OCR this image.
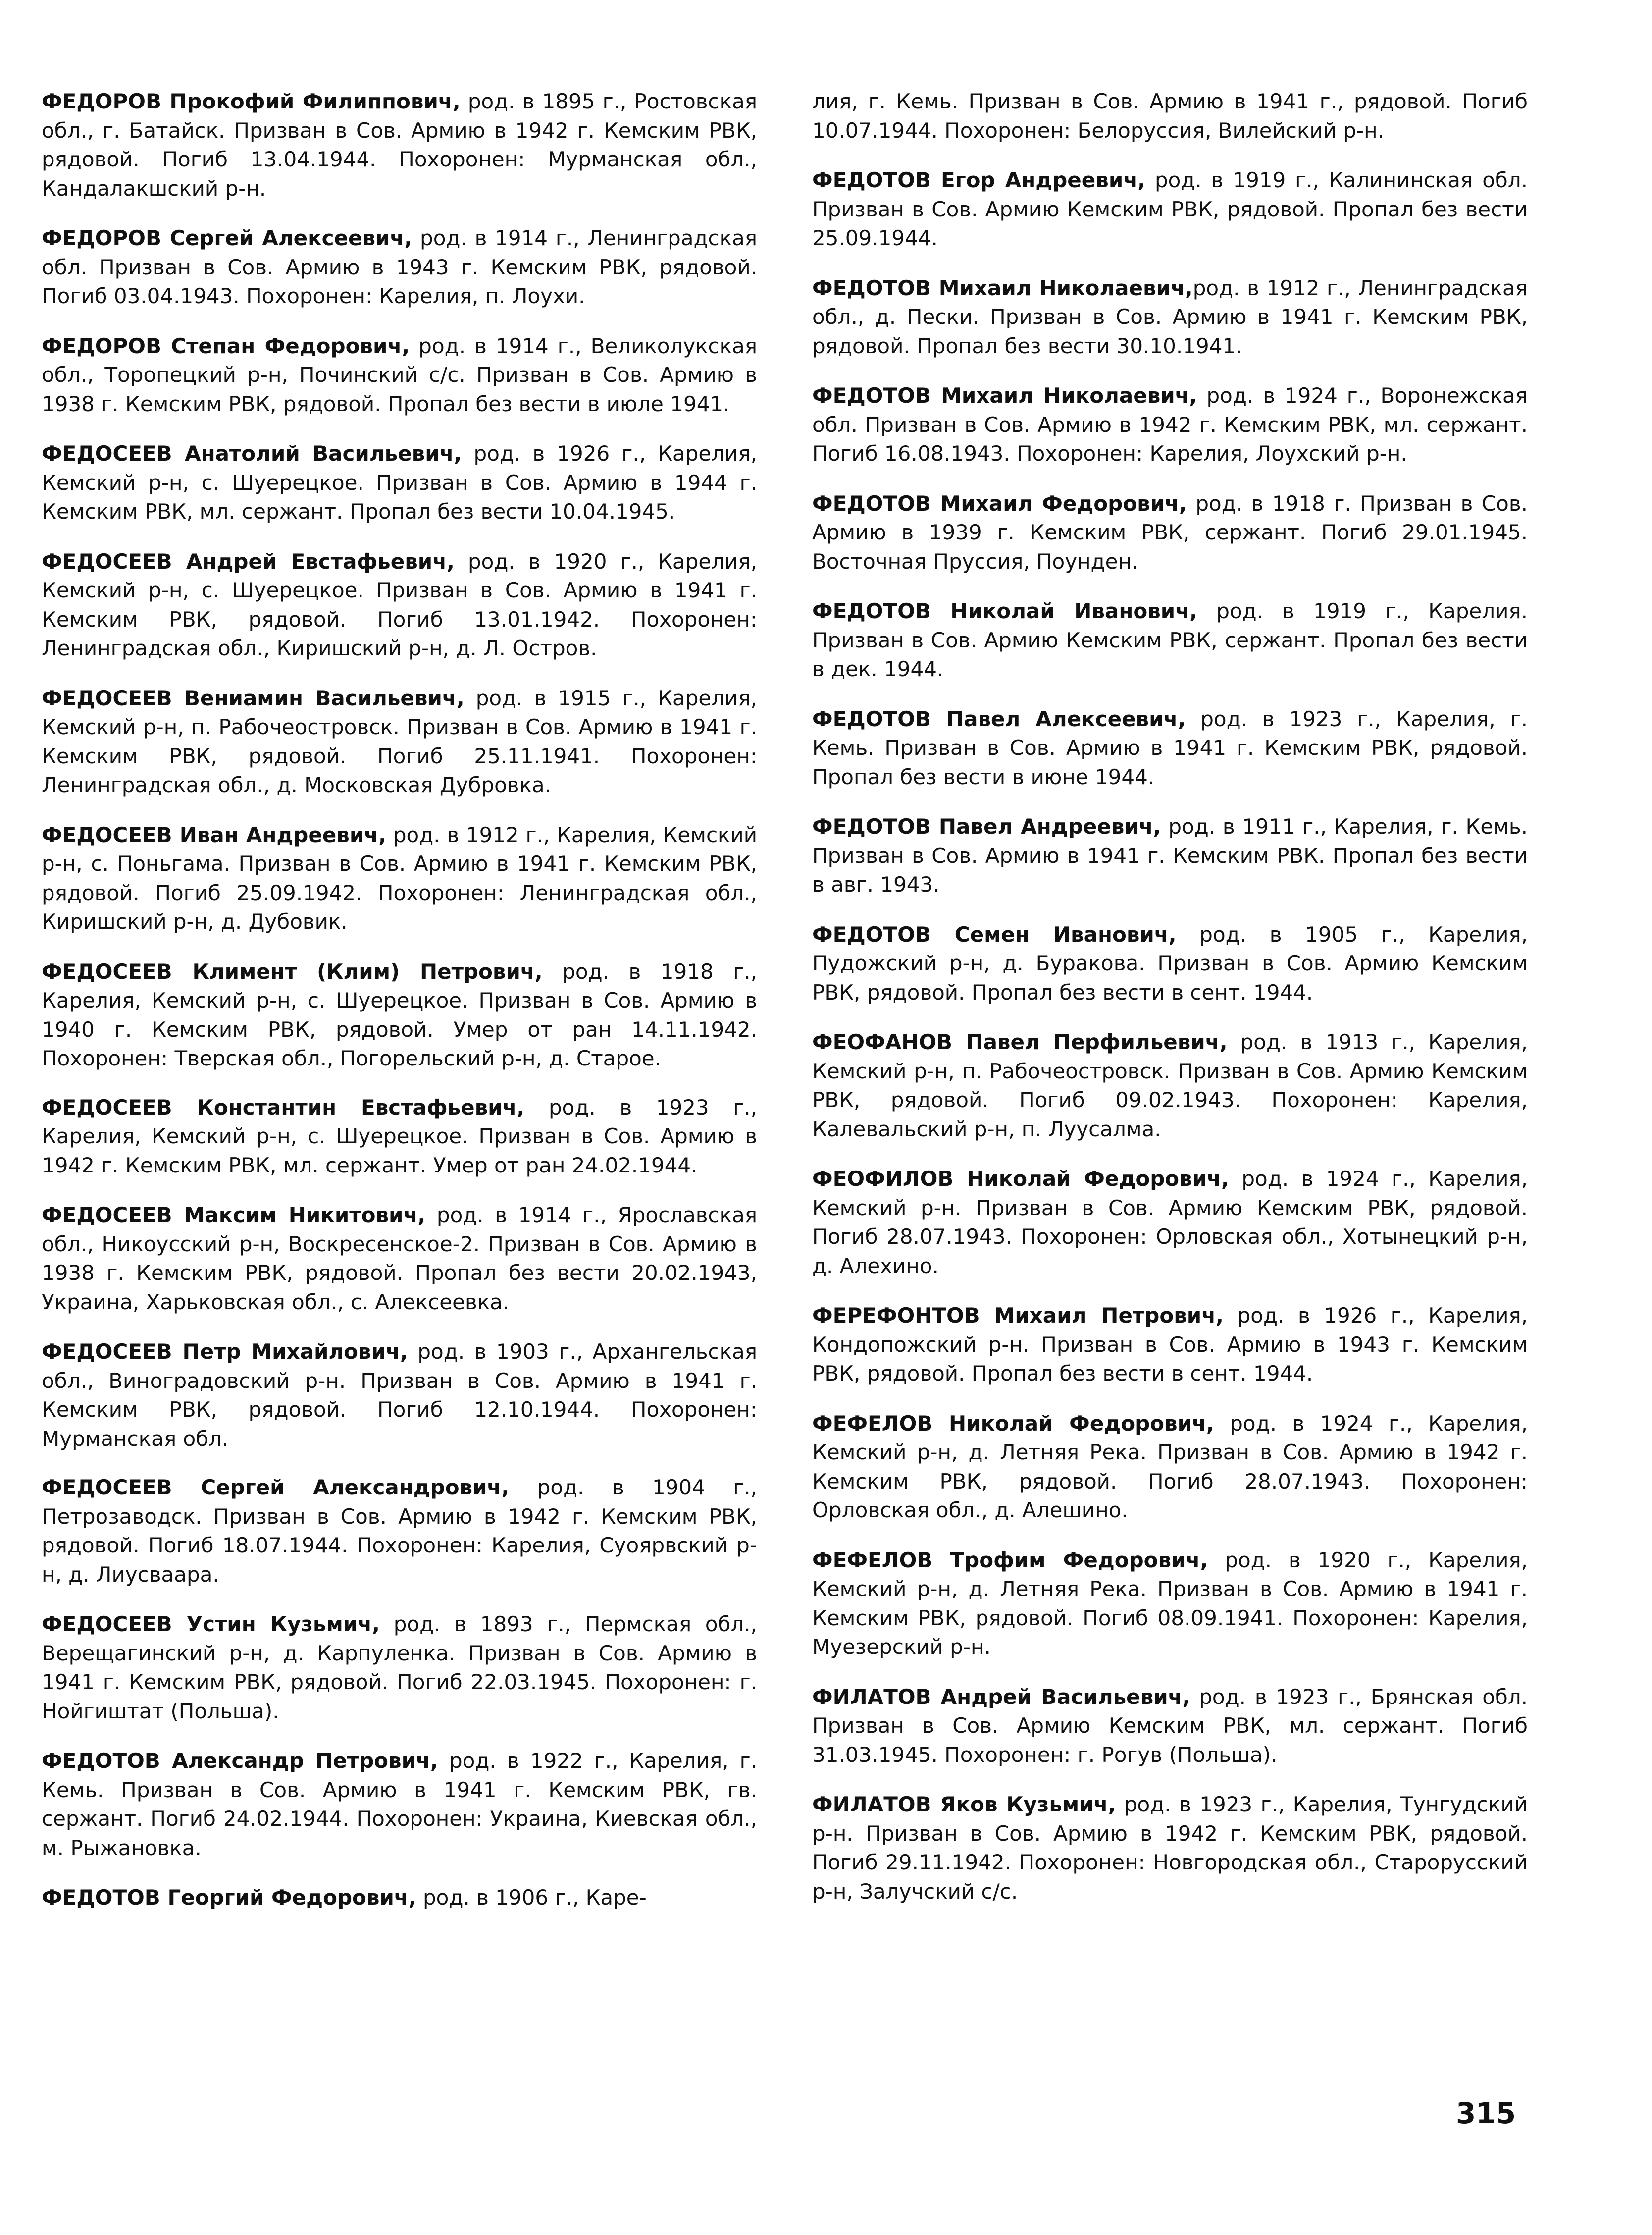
ФЕДОРОВ Прокофий Филиппович, род. в 1895 г., Ростовская обл., г. Батайск. Призван в Сов. Армию в 1942 г. Кемским РВК, рядовой. Погиб 13.04.1944. Похоронен: Мурманская обл., Кандалакшский р-н.

ФЕДОРОВ Сергей Алексеевич, род. в 1914 г., Ленинградская обл. Призван в Сов. Армию в 1943 г. Кемским РВК, рядовой. Погиб 03.04.1943. Похоронен: Карелия, п. Лоухи.

ФЕДОРОВ Степан Федорович, род. в 1914 г., Великолукская обл., Торопецкий р-н, Починский с/с. Призван в Сов. Армию в 1938 г. Кемским РВК, рядовой. Пропал без вести в июле 1941.

ФЕДОСЕЕВ Анатолий Васильевич, род. в 1926 г., Карелия, Кемский р-н, с. Шуерецкое. Призван в Сов. Армию в 1944 г. Кемским РВК, мл. сержант. Пропал без вести 10.04.1945.

ФЕДОСЕЕВ Андрей Евстафьевич, род. в 1920 г., Карелия, Кемский р-н, с. Шуерецкое. Призван в Сов. Армию в 1941 г. Кемским РВК, рядовой. Погиб 13.01.1942. Похоронен: Ленинградская обл., Киришский р-н, д. Л. Остров.

ФЕДОСЕЕВ Вениамин Васильевич, род. в 1915 г., Карелия, Кемский р-н, п. Рабочеостровск. Призван в Сов. Армию в 1941 г. Кемским РВК, рядовой. Погиб 25.11.1941. Похоронен: Ленинградская обл., д. Московская Дубровка.

ФЕДОСЕЕВ Иван Андреевич, род. в 1912 г., Карелия, Кемский р-н, с. Поньгама. Призван в Сов. Армию в 1941 г. Кемским РВК, рядовой. Погиб 25.09.1942. Похоронен: Ленинградская обл., Киришский р-н, д. Дубовик.

ФЕДОСЕЕВ Климент (Клим) Петрович, род. в 1918 г., Карелия, Кемский р-н, с. Шуерецкое. Призван в Сов. Армию в 1940 г. Кемским РВК, рядовой. Умер от ран 14.11.1942. Похоронен: Тверская обл., Погорельский р-н, д. Старое.

ФЕДОСЕЕВ Константин Евстафьевич, род. в 1923 г., Карелия, Кемский р-н, с. Шуерецкое. Призван в Сов. Армию в 1942 г. Кемским РВК, мл. сержант. Умер от ран 24.02.1944.

ФЕДОСЕЕВ Максим Никитович, род. в 1914 г., Ярославская обл., Никоусский р-н, Воскресенское-2. Призван в Сов. Армию в 1938 г. Кемским РВК, рядовой. Пропал без вести 20.02.1943, Украина, Харьковская обл., с. Алексеевка.

ФЕДОСЕЕВ Петр Михайлович, род. в 1903 г., Архангельская обл., Виноградовский р-н. Призван в Сов. Армию в 1941 г. Кемским РВК, рядовой. Погиб 12.10.1944. Похоронен: Мурманская обл.

ФЕДОСЕЕВ Сергей Александрович, род. в 1904 г., Петрозаводск. Призван в Сов. Армию в 1942 г. Кемским РВК, рядовой. Погиб 18.07.1944. Похоронен: Карелия, Суоярвский р-н, д. Лиусваара.

ФЕДОСЕЕВ Устин Кузьмич, род. в 1893 г., Пермская обл., Верещагинский р-н, д. Карпуленка. Призван в Сов. Армию в 1941 г. Кемским РВК, рядовой. Погиб 22.03.1945. Похоронен: г. Нойгиштат (Польша).

ФЕДОТОВ Александр Петрович, род. в 1922 г., Карелия, г. Кемь. Призван в Сов. Армию в 1941 г. Кемским РВК, гв. сержант. Погиб 24.02.1944. Похоронен: Украина, Киевская обл., м. Рыжановка.

ФЕДОТОВ Георгий Федорович, род. в 1906 г., Каре-

лия, г. Кемь. Призван в Сов. Армию в 1941 г., рядовой. Погиб 10.07.1944. Похоронен: Белоруссия, Вилейский р-н.

ФЕДОТОВ Егор Андреевич, род. в 1919 г., Калининская обл. Призван в Сов. Армию Кемским РВК, рядовой. Пропал без вести 25.09.1944.

ФЕДОТОВ Михаил Николаевич,род. в 1912 г., Ленинградская обл., д. Пески. Призван в Сов. Армию в 1941 г. Кемским РВК, рядовой. Пропал без вести 30.10.1941.

ФЕДОТОВ Михаил Николаевич, род. в 1924 г., Воронежская обл. Призван в Сов. Армию в 1942 г. Кемским РВК, мл. сержант. Погиб 16.08.1943. Похоронен: Карелия, Лоухский р-н.

ФЕДОТОВ Михаил Федорович, род. в 1918 г. Призван в Сов. Армию в 1939 г. Кемским РВК, сержант. Погиб 29.01.1945. Восточная Пруссия, Поунден.

ФЕДОТОВ Николай Иванович, род. в 1919 г., Карелия. Призван в Сов. Армию Кемским РВК, сержант. Пропал без вести в дек. 1944.

ФЕДОТОВ Павел Алексеевич, род. в 1923 г., Карелия, г. Кемь. Призван в Сов. Армию в 1941 г. Кемским РВК, рядовой. Пропал без вести в июне 1944.

ФЕДОТОВ Павел Андреевич, род. в 1911 г., Карелия, г. Кемь. Призван в Сов. Армию в 1941 г. Кемским РВК. Пропал без вести в авг. 1943.

ФЕДОТОВ Семен Иванович, род. в 1905 г., Карелия, Пудожский р-н, д. Буракова. Призван в Сов. Армию Кемским РВК, рядовой. Пропал без вести в сент. 1944.

ФЕОФАНОВ Павел Перфильевич, род. в 1913 г., Карелия, Кемский р-н, п. Рабочеостровск. Призван в Сов. Армию Кемским РВК, рядовой. Погиб 09.02.1943. Похоронен: Карелия, Калевальский р-н, п. Луусалма.

ФЕОФИЛОВ Николай Федорович, род. в 1924 г., Карелия, Кемский р-н. Призван в Сов. Армию Кемским РВК, рядовой. Погиб 28.07.1943. Похоронен: Орловская обл., Хотынецкий р-н, д. Алехино.

ФЕРЕФОНТОВ Михаил Петрович, род. в 1926 г., Карелия, Кондопожский р-н. Призван в Сов. Армию в 1943 г. Кемским РВК, рядовой. Пропал без вести в сент. 1944.

ФЕФЕЛОВ Николай Федорович, род. в 1924 г., Карелия, Кемский р-н, д. Летняя Река. Призван в Сов. Армию в 1942 г. Кемским РВК, рядовой. Погиб 28.07.1943. Похоронен: Орловская обл., д. Алешино.

ФЕФЕЛОВ Трофим Федорович, род. в 1920 г., Карелия, Кемский р-н, д. Летняя Река. Призван в Сов. Армию в 1941 г. Кемским РВК, рядовой. Погиб 08.09.1941. Похоронен: Карелия, Муезерский р-н.

ФИЛАТОВ Андрей Васильевич, род. в 1923 г., Брянская обл. Призван в Сов. Армию Кемским РВК, мл. сержант. Погиб 31.03.1945. Похоронен: г. Рогув (Польша).

ФИЛАТОВ Яков Кузьмич, род. в 1923 г., Карелия, Тунгудский р-н. Призван в Сов. Армию в 1942 г. Кемским РВК, рядовой. Погиб 29.11.1942. Похоронен: Новгородская обл., Старорусский р-н, Залучский с/с.

315
